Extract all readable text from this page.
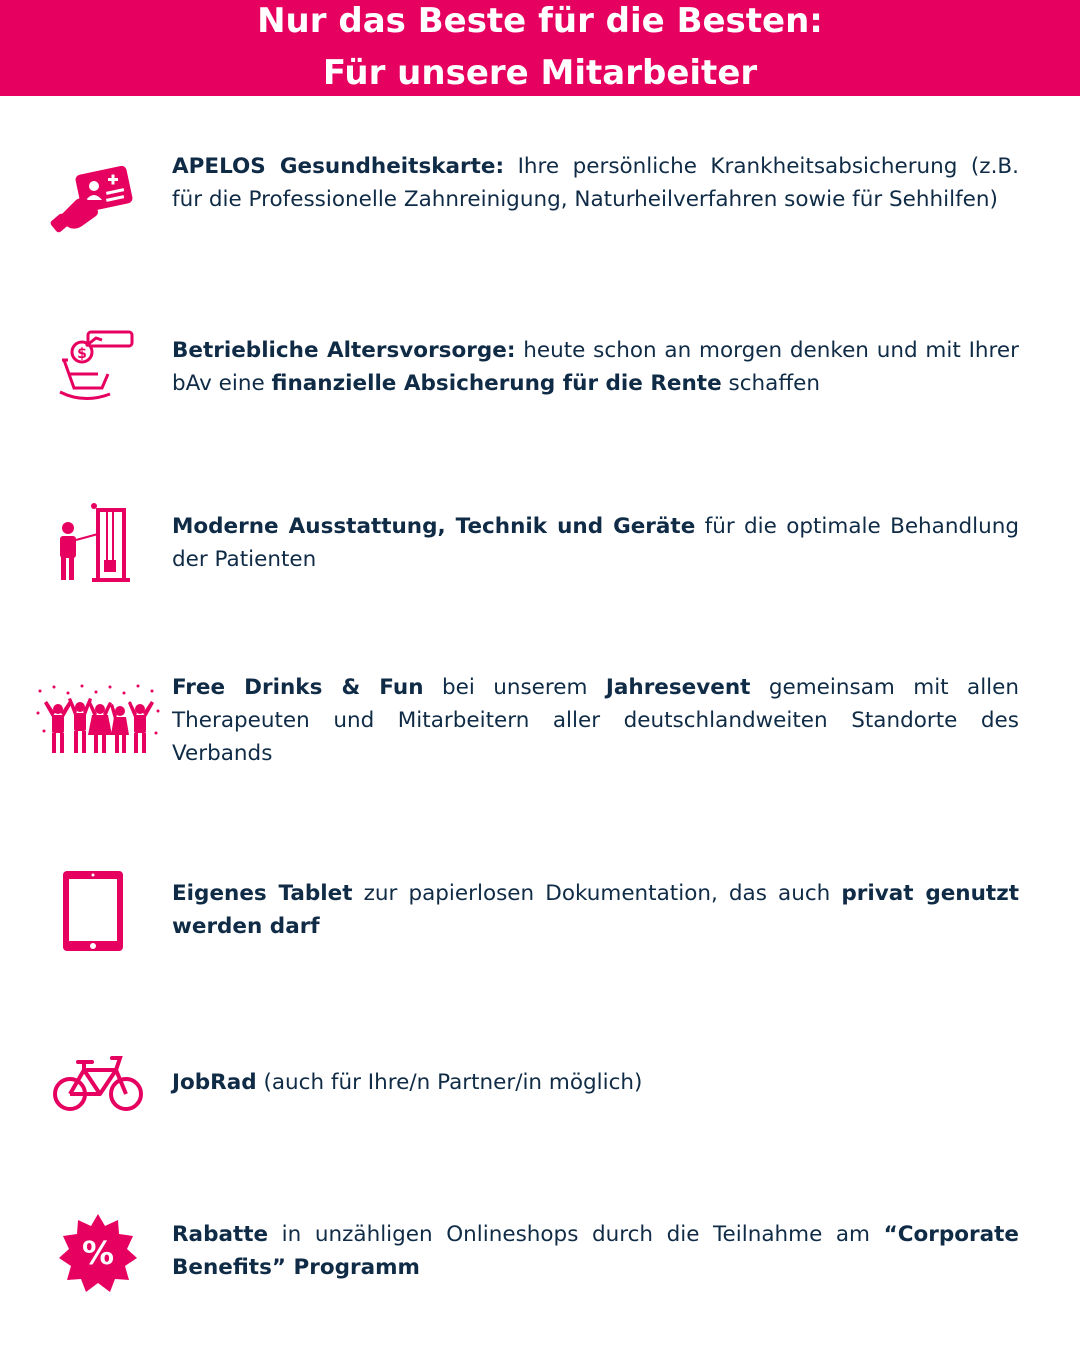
Nur das Beste für die Besten:
Für unsere Mitarbeiter
APELOS Gesundheitskarte: Ihre persönliche Krankheitsabsicherung (z.B. für die Professionelle Zahnreinigung, Naturheilverfahren sowie für Sehhilfen)
$	Betriebliche Altersvorsorge: heute schon an morgen denken und mit Ihrer bAv eine finanzielle Absicherung für die Rente schaffen
Moderne Ausstattung, Technik und Geräte für die optimale Behandlung der Patienten
Free Drinks & Fun bei unserem Jahresevent gemeinsam mit allen Therapeuten und Mitarbeitern aller deutschlandweiten Standorte des Verbands
Eigenes Tablet zur papierlosen Dokumentation, das auch privat genutzt werden darf
JobRad (auch für Ihre/n Partner/in möglich)
%	Rabatte in unzähligen Onlineshops durch die Teilnahme am “Corporate Benefits” Programm
